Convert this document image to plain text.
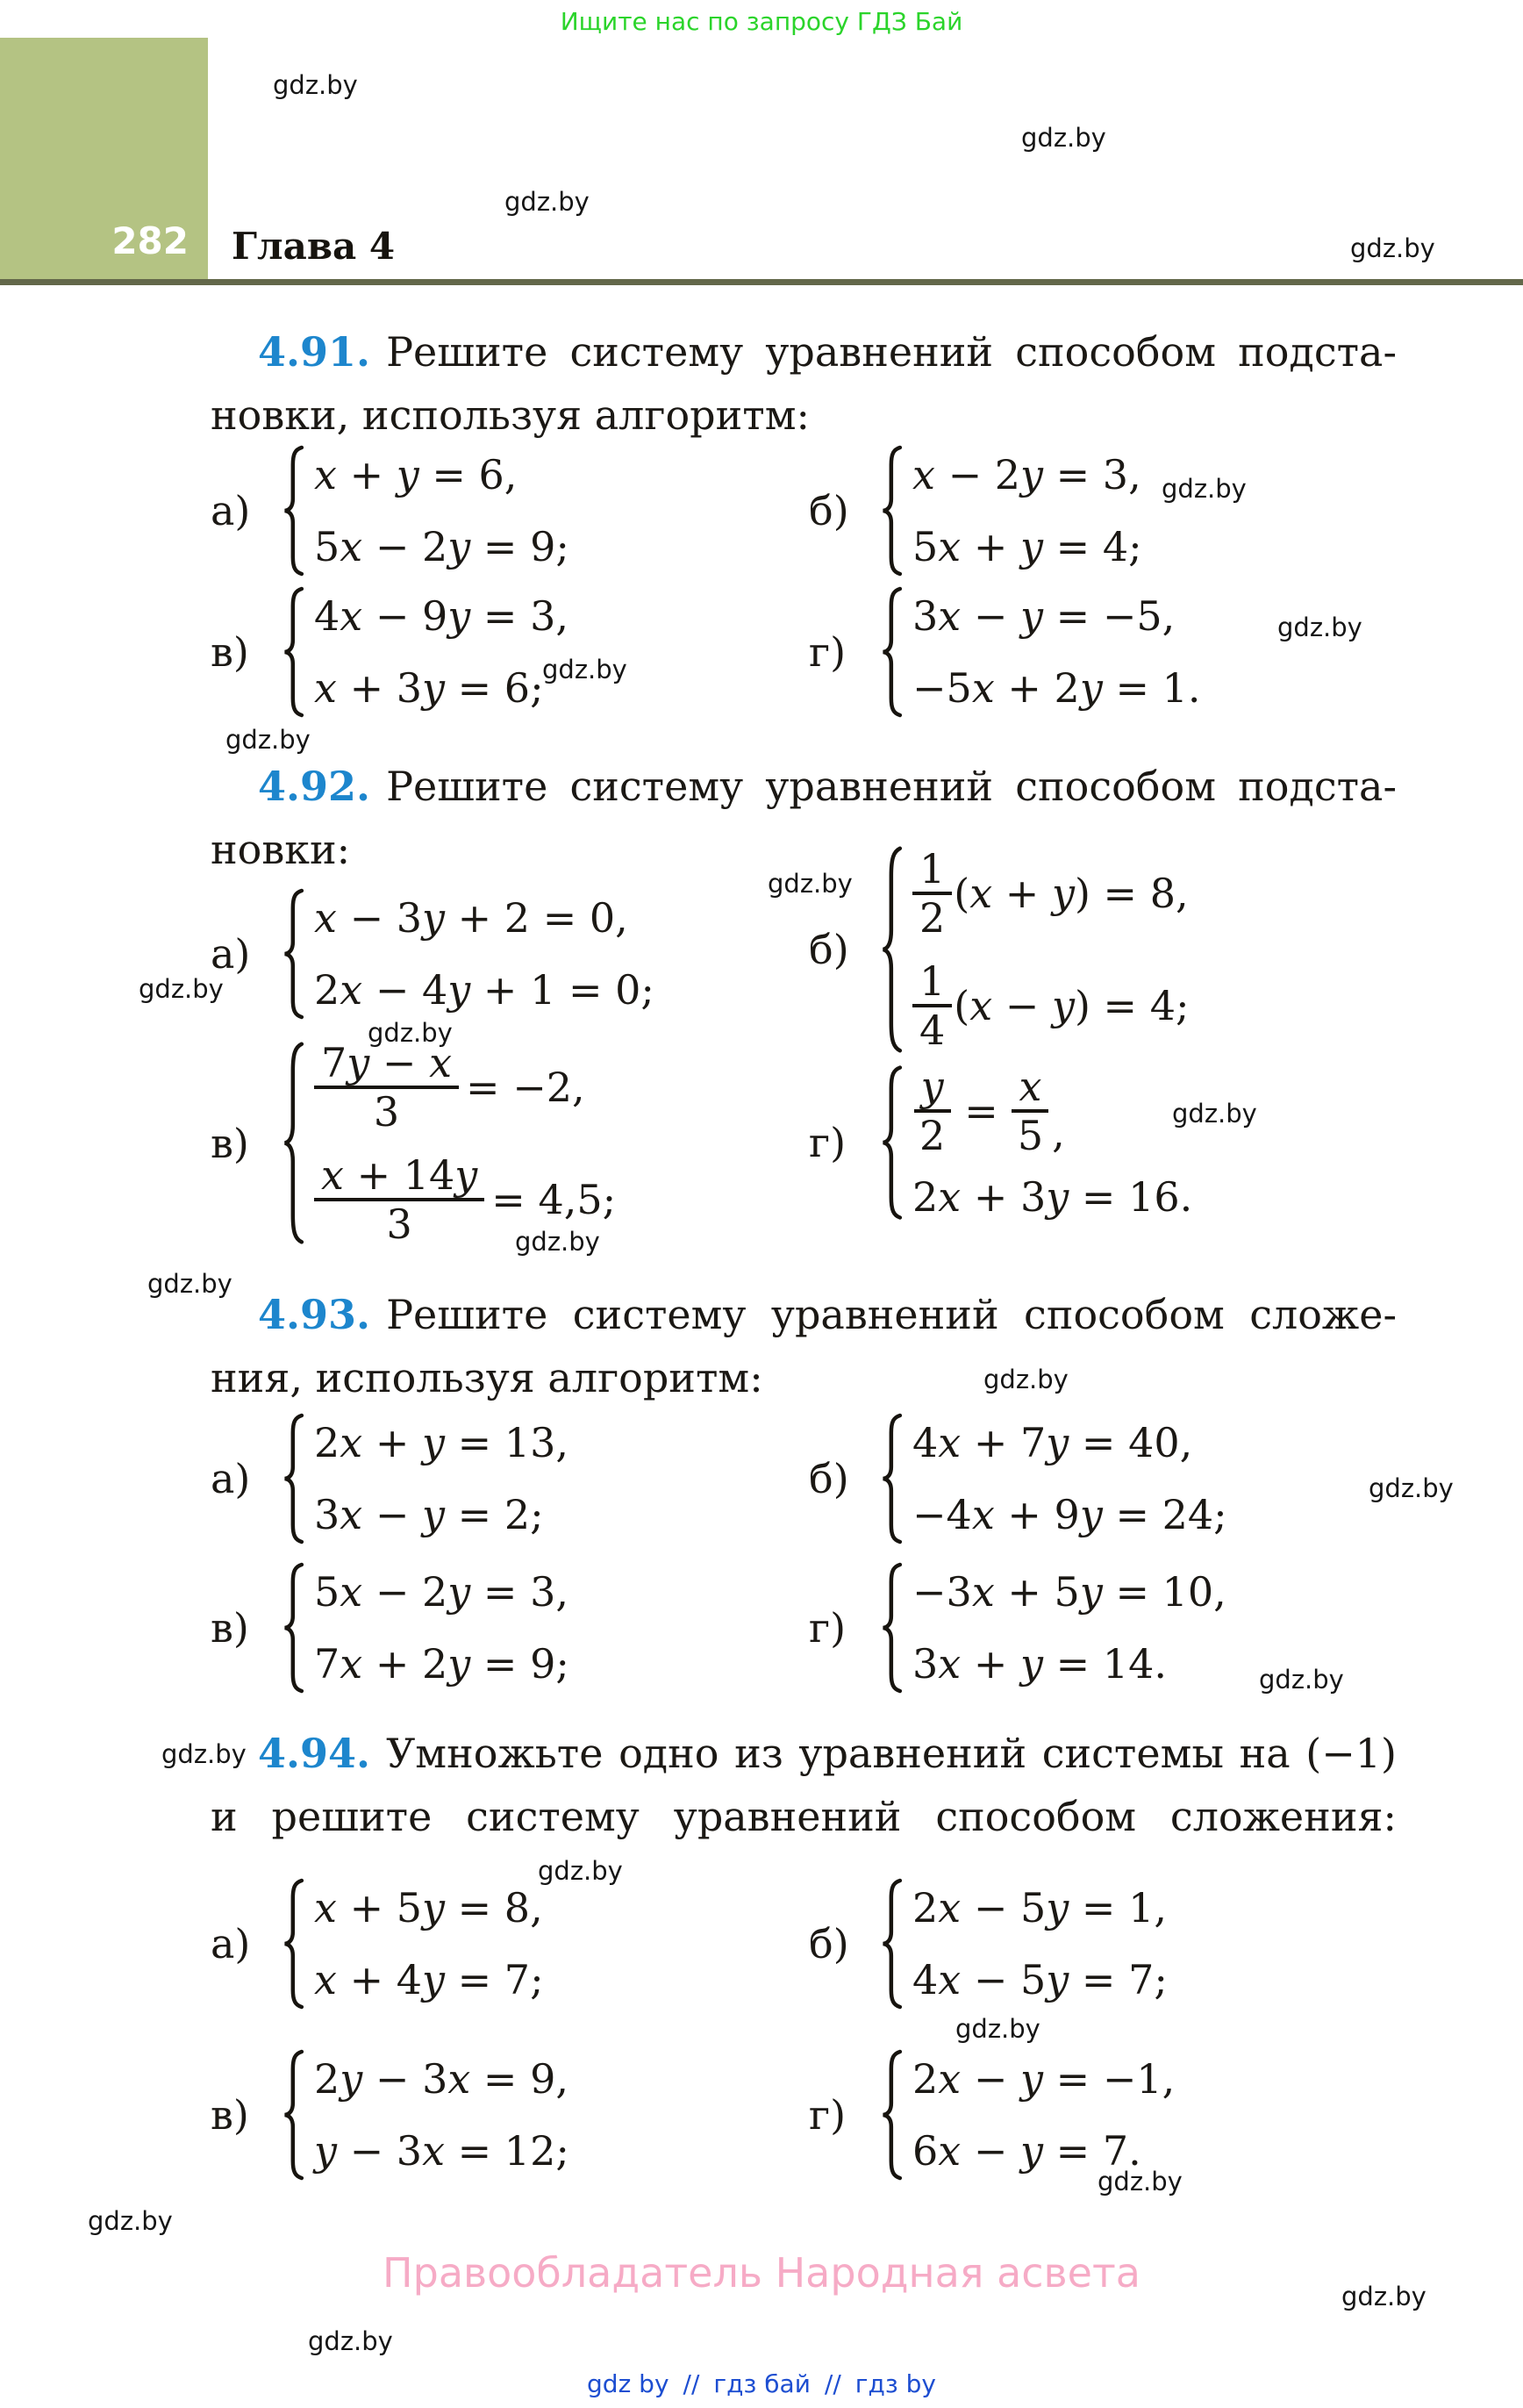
Ищите нас по запросу ГДЗ Бай
282 Глава 4
4.91. Решите систему уравнений способом подста-
новки, используя алгоритм:
а)
x + y = 6,
5x − 2y = 9;
б)
x − 2y = 3,
5x + y = 4;
в)
4x − 9y = 3,
x + 3y = 6;
г)
3x − y = −5,
−5x + 2y = 1.
4.92. Решите систему уравнений способом подста-
новки:
а)
x − 3y + 2 = 0,
2x − 4y + 1 = 0;
б)
$\frac{1}{2} (x + y) = 8$,
$\frac{1}{4} (x - y) = 4$;
в)
$\frac{7y - x}{3} = -2$,
$\frac{x + 14y}{3} = 4,5$;
г)	$\frac{y}{2} = \frac{x}{5}$ ,
2x + 3y = 16.
4.93. Решите систему уравнений способом сложе-
ния, используя алгоритм:
а)
2x + y = 13,
3x − y = 2;
б)
4x + 7y = 40,
−4x + 9y = 24;
в)
5x − 2y = 3,
7x + 2y = 9;
г)
−3x + 5y = 10,
3x + y = 14.
4.94. Умножьте одно из уравнений системы на (−1)
и решите систему уравнений способом сложения:
а)
x + 5y = 8,
x + 4y = 7;
б)
2x − 5y = 1,
4x − 5y = 7;
в)
2y − 3x = 9,
y − 3x = 12;
г)
2x − y = −1,
6x − y = 7.
gdz.by
gdz.by
gdz.by
gdz.by
gdz.by
gdz.by
gdz.by
gdz.by
gdz.by
gdz.by
gdz.by
gdz.by
gdz.by
gdz.by
gdz.by
gdz.by
gdz.by
gdz.by
gdz.by
gdz.by
gdz.by
gdz.by
gdz.by
gdz.by
Правообладатель Народная асвета
gdz by // гдз бай // гдз by
